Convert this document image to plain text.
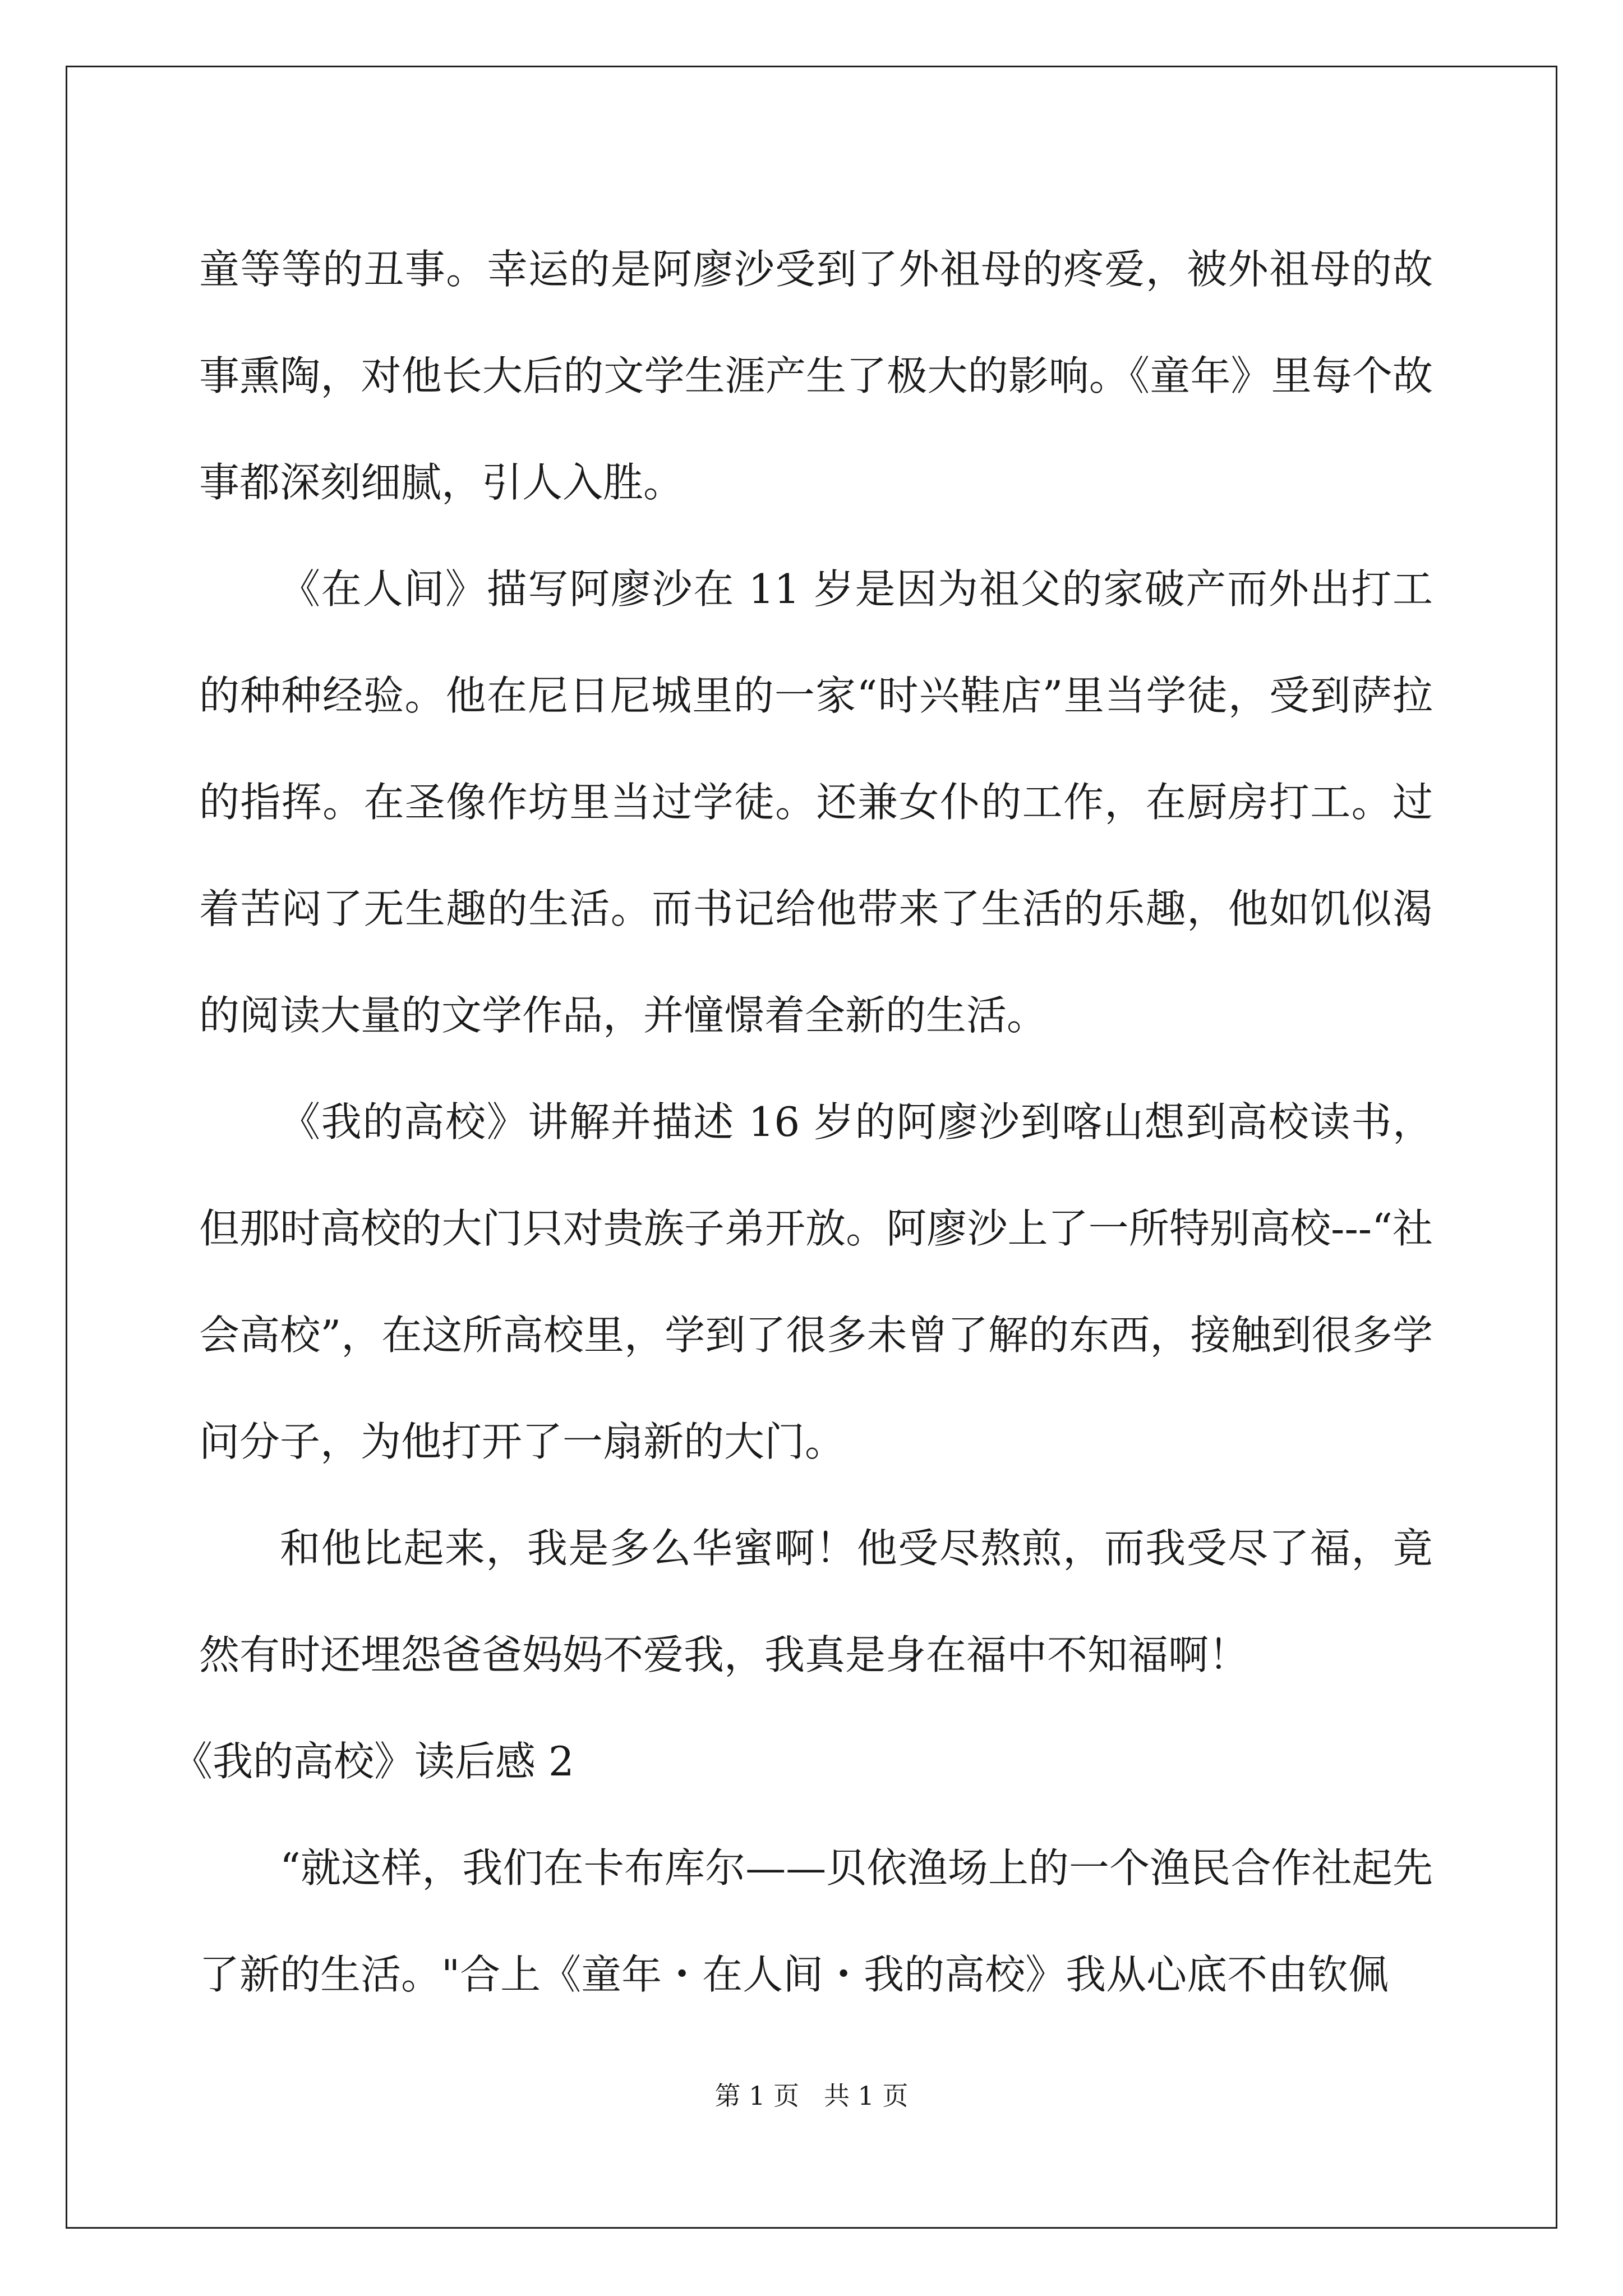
童等等的丑事。幸运的是阿廖沙受到了外祖母的疼爱，被外祖母的故事熏陶，对他长大后的文学生涯产生了极大的影响。《童年》里每个故事都深刻细腻，引人入胜。

《在人间》描写阿廖沙在 11 岁是因为祖父的家破产而外出打工的种种经验。他在尼日尼城里的一家“时兴鞋店”里当学徒，受到萨拉的指挥。在圣像作坊里当过学徒。还兼女仆的工作，在厨房打工。过着苦闷了无生趣的生活。而书记给他带来了生活的乐趣，他如饥似渴的阅读大量的文学作品，并憧憬着全新的生活。

《我的高校》讲解并描述 16 岁的阿廖沙到喀山想到高校读书，但那时高校的大门只对贵族子弟开放。阿廖沙上了一所特别高校---“社会高校”，在这所高校里，学到了很多未曾了解的东西，接触到很多学问分子，为他打开了一扇新的大门。

和他比起来，我是多么华蜜啊！他受尽熬煎，而我受尽了福，竟然有时还埋怨爸爸妈妈不爱我，我真是身在福中不知福啊！

《我的高校》读后感 2

“就这样，我们在卡布库尔——贝依渔场上的一个渔民合作社起先了新的生活。"合上《童年・在人间・我的高校》我从心底不由钦佩

第 1 页 共 1 页
